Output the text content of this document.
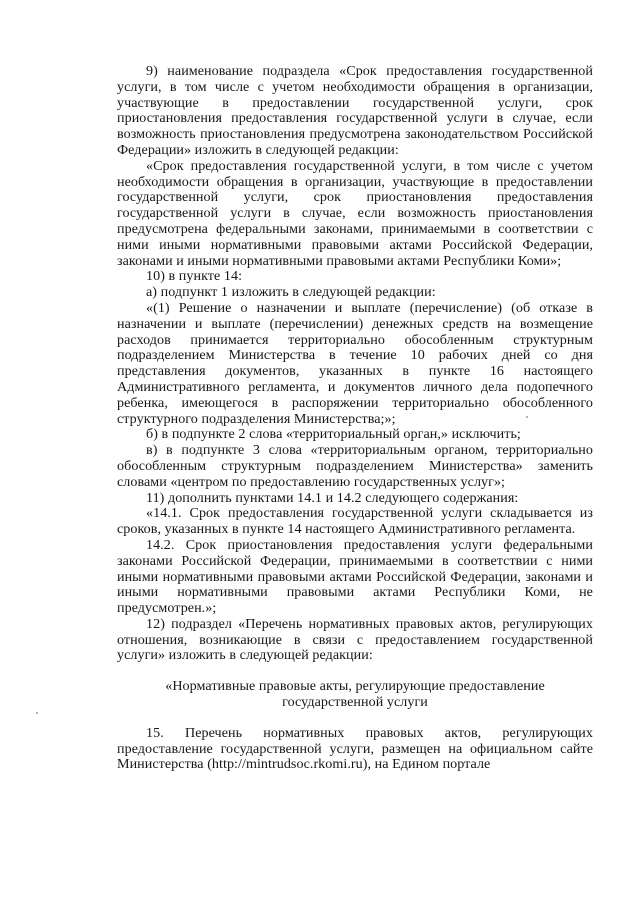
9) наименование подраздела «Срок предоставления государственной услуги, в том числе с учетом необходимости обращения в организации, участвующие в предоставлении государственной услуги, срок приостановления предоставления государственной услуги в случае, если возможность приостановления предусмотрена законодательством Российской Федерации» изложить в следующей редакции:

«Срок предоставления государственной услуги, в том числе с учетом необходимости обращения в организации, участвующие в предоставлении государственной услуги, срок приостановления предоставления государственной услуги в случае, если возможность приостановления предусмотрена федеральными законами, принимаемыми в соответствии с ними иными нормативными правовыми актами Российской Федерации, законами и иными нормативными правовыми актами Республики Коми»;

10) в пункте 14:

а) подпункт 1 изложить в следующей редакции:

«(1) Решение о назначении и выплате (перечисление) (об отказе в назначении и выплате (перечислении) денежных средств на возмещение расходов принимается территориально обособленным структурным подразделением Министерства в течение 10 рабочих дней со дня представления документов, указанных в пункте 16 настоящего Административного регламента, и документов личного дела подопечного ребенка, имеющегося в распоряжении территориально обособленного структурного подразделения Министерства;»;

б) в подпункте 2 слова «территориальный орган,» исключить;

в) в подпункте 3 слова «территориальным органом, территориально обособленным структурным подразделением Министерства» заменить словами «центром по предоставлению государственных услуг»;

11) дополнить пунктами 14.1 и 14.2 следующего содержания:

«14.1. Срок предоставления государственной услуги складывается из сроков, указанных в пункте 14 настоящего Административного регламента.

14.2. Срок приостановления предоставления услуги федеральными законами Российской Федерации, принимаемыми в соответствии с ними иными нормативными правовыми актами Российской Федерации, законами и иными нормативными правовыми актами Республики Коми, не предусмотрен.»;

12) подраздел «Перечень нормативных правовых актов, регулирующих отношения, возникающие в связи с предоставлением государственной услуги» изложить в следующей редакции:

«Нормативные правовые акты, регулирующие предоставление государственной услуги

15. Перечень нормативных правовых актов, регулирующих предоставление государственной услуги, размещен на официальном сайте Министерства (http://mintrudsoc.rkomi.ru), на Едином портале
